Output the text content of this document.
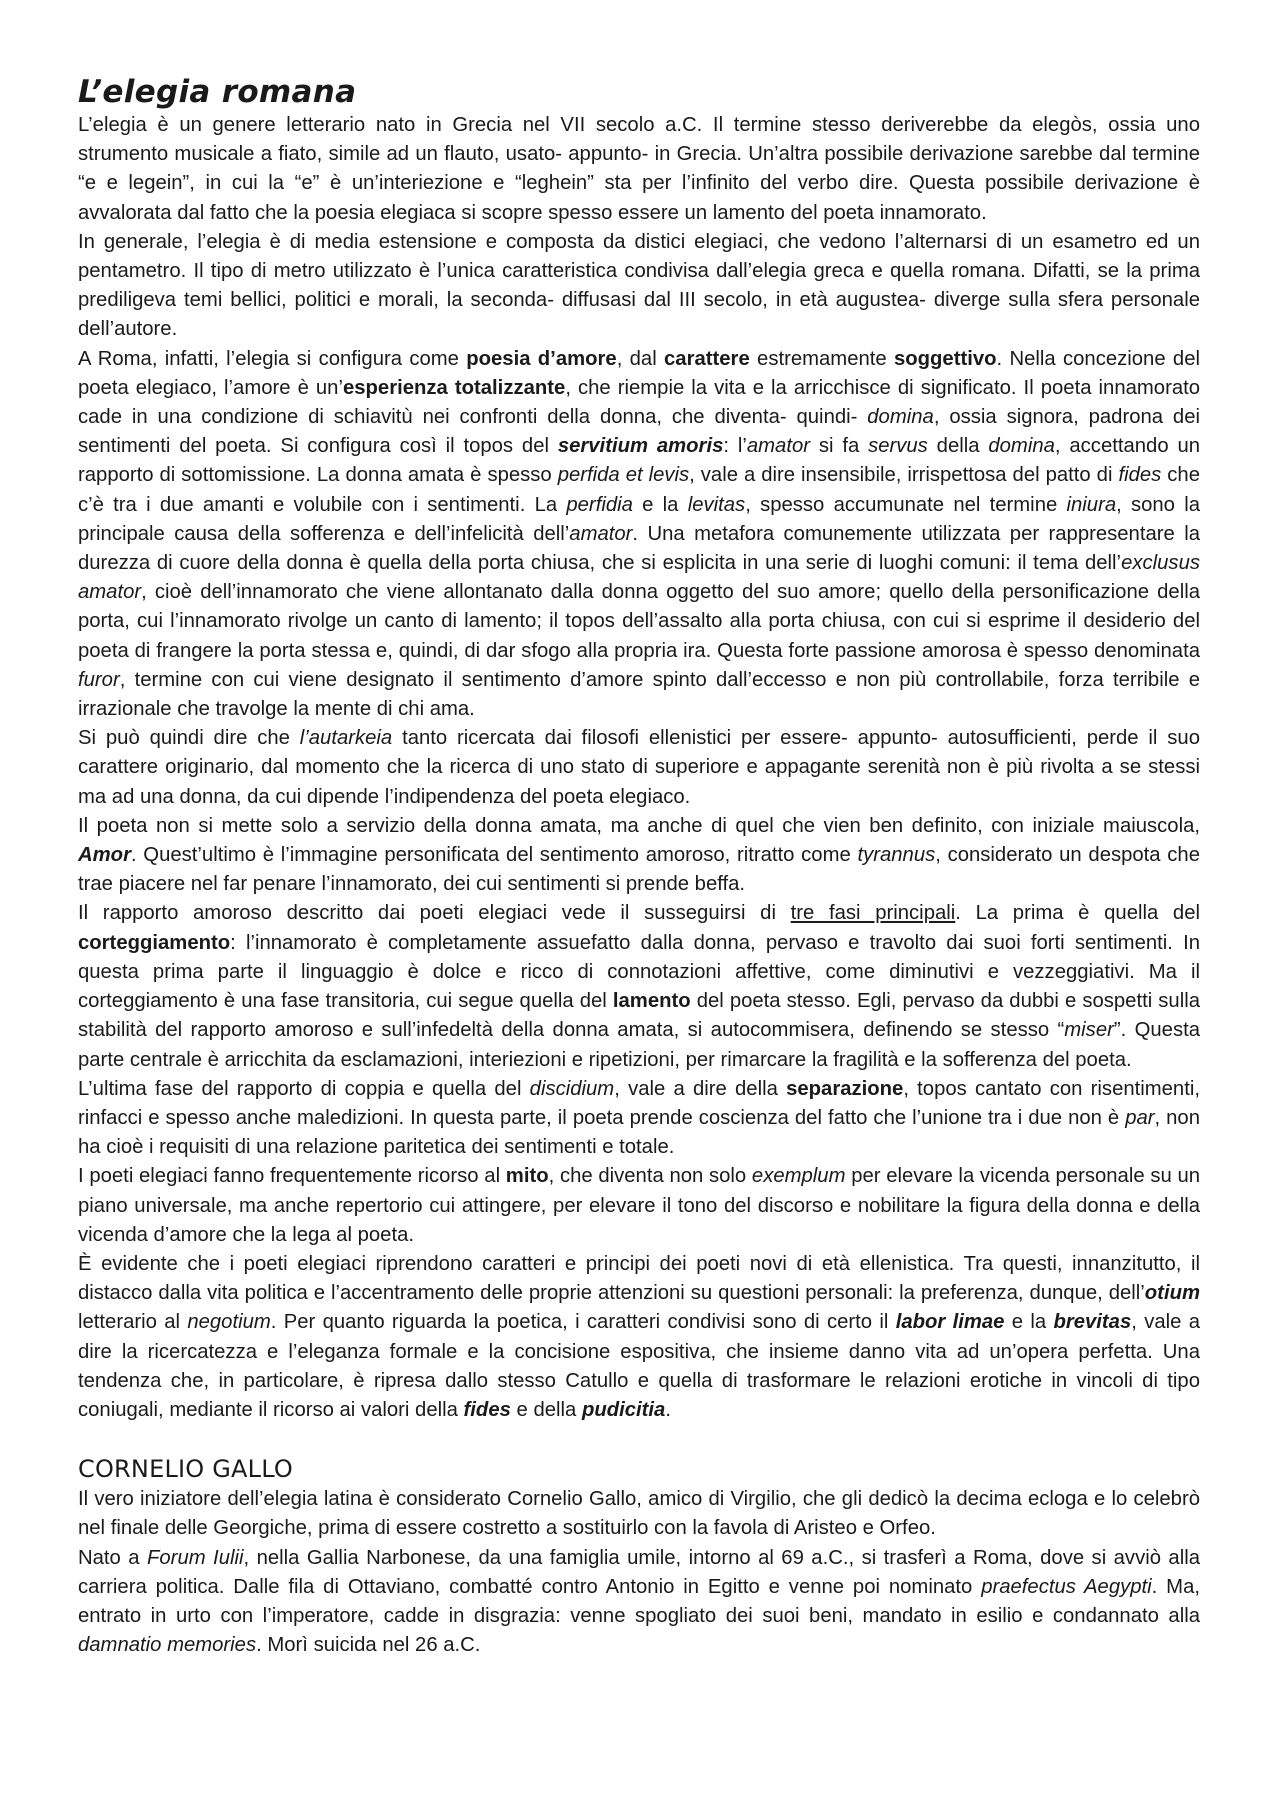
L’elegia romana

L’elegia è un genere letterario nato in Grecia nel VII secolo a.C. Il termine stesso deriverebbe da elegòs, ossia uno strumento musicale a fiato, simile ad un flauto, usato- appunto- in Grecia. Un’altra possibile derivazione sarebbe dal termine “e e legein”, in cui la “e” è un’interiezione e “leghein” sta per l’infinito del verbo dire. Questa possibile derivazione è avvalorata dal fatto che la poesia elegiaca si scopre spesso essere un lamento del poeta innamorato.

In generale, l’elegia è di media estensione e composta da distici elegiaci, che vedono l’alternarsi di un esametro ed un pentametro. Il tipo di metro utilizzato è l’unica caratteristica condivisa dall’elegia greca e quella romana. Difatti, se la prima prediligeva temi bellici, politici e morali, la seconda- diffusasi dal III secolo, in età augustea- diverge sulla sfera personale dell’autore.

A Roma, infatti, l’elegia si configura come poesia d’amore, dal carattere estremamente soggettivo. Nella concezione del poeta elegiaco, l’amore è un’esperienza totalizzante, che riempie la vita e la arricchisce di significato. Il poeta innamorato cade in una condizione di schiavitù nei confronti della donna, che diventa- quindi- domina, ossia signora, padrona dei sentimenti del poeta. Si configura così il topos del servitium amoris: l’amator si fa servus della domina, accettando un rapporto di sottomissione. La donna amata è spesso perfida et levis, vale a dire insensibile, irrispettosa del patto di fides che c’è tra i due amanti e volubile con i sentimenti. La perfidia e la levitas, spesso accumunate nel termine iniura, sono la principale causa della sofferenza e dell’infelicità dell’amator. Una metafora comunemente utilizzata per rappresentare la durezza di cuore della donna è quella della porta chiusa, che si esplicita in una serie di luoghi comuni: il tema dell’exclusus amator, cioè dell’innamorato che viene allontanato dalla donna oggetto del suo amore; quello della personificazione della porta, cui l’innamorato rivolge un canto di lamento; il topos dell’assalto alla porta chiusa, con cui si esprime il desiderio del poeta di frangere la porta stessa e, quindi, di dar sfogo alla propria ira. Questa forte passione amorosa è spesso denominata furor, termine con cui viene designato il sentimento d’amore spinto dall’eccesso e non più controllabile, forza terribile e irrazionale che travolge la mente di chi ama.

Si può quindi dire che l’autarkeia tanto ricercata dai filosofi ellenistici per essere- appunto- autosufficienti, perde il suo carattere originario, dal momento che la ricerca di uno stato di superiore e appagante serenità non è più rivolta a se stessi ma ad una donna, da cui dipende l’indipendenza del poeta elegiaco.

Il poeta non si mette solo a servizio della donna amata, ma anche di quel che vien ben definito, con iniziale maiuscola, Amor. Quest’ultimo è l’immagine personificata del sentimento amoroso, ritratto come tyrannus, considerato un despota che trae piacere nel far penare l’innamorato, dei cui sentimenti si prende beffa.

Il rapporto amoroso descritto dai poeti elegiaci vede il susseguirsi di tre fasi principali. La prima è quella del corteggiamento: l’innamorato è completamente assuefatto dalla donna, pervaso e travolto dai suoi forti sentimenti. In questa prima parte il linguaggio è dolce e ricco di connotazioni affettive, come diminutivi e vezzeggiativi. Ma il corteggiamento è una fase transitoria, cui segue quella del lamento del poeta stesso. Egli, pervaso da dubbi e sospetti sulla stabilità del rapporto amoroso e sull’infedeltà della donna amata, si autocommisera, definendo se stesso “miser”. Questa parte centrale è arricchita da esclamazioni, interiezioni e ripetizioni, per rimarcare la fragilità e la sofferenza del poeta.

L’ultima fase del rapporto di coppia e quella del discidium, vale a dire della separazione, topos cantato con risentimenti, rinfacci e spesso anche maledizioni. In questa parte, il poeta prende coscienza del fatto che l’unione tra i due non è par, non ha cioè i requisiti di una relazione paritetica dei sentimenti e totale.

I poeti elegiaci fanno frequentemente ricorso al mito, che diventa non solo exemplum per elevare la vicenda personale su un piano universale, ma anche repertorio cui attingere, per elevare il tono del discorso e nobilitare la figura della donna e della vicenda d’amore che la lega al poeta.

È evidente che i poeti elegiaci riprendono caratteri e principi dei poeti novi di età ellenistica. Tra questi, innanzitutto, il distacco dalla vita politica e l’accentramento delle proprie attenzioni su questioni personali: la preferenza, dunque, dell’otium letterario al negotium. Per quanto riguarda la poetica, i caratteri condivisi sono di certo il labor limae e la brevitas, vale a dire la ricercatezza e l’eleganza formale e la concisione espositiva, che insieme danno vita ad un’opera perfetta. Una tendenza che, in particolare, è ripresa dallo stesso Catullo e quella di trasformare le relazioni erotiche in vincoli di tipo coniugali, mediante il ricorso ai valori della fides e della pudicitia.

CORNELIO GALLO

Il vero iniziatore dell’elegia latina è considerato Cornelio Gallo, amico di Virgilio, che gli dedicò la decima ecloga e lo celebrò nel finale delle Georgiche, prima di essere costretto a sostituirlo con la favola di Aristeo e Orfeo.

Nato a Forum Iulii, nella Gallia Narbonese, da una famiglia umile, intorno al 69 a.C., si trasferì a Roma, dove si avviò alla carriera politica. Dalle fila di Ottaviano, combatté contro Antonio in Egitto e venne poi nominato praefectus Aegypti. Ma, entrato in urto con l’imperatore, cadde in disgrazia: venne spogliato dei suoi beni, mandato in esilio e condannato alla damnatio memories. Morì suicida nel 26 a.C.
